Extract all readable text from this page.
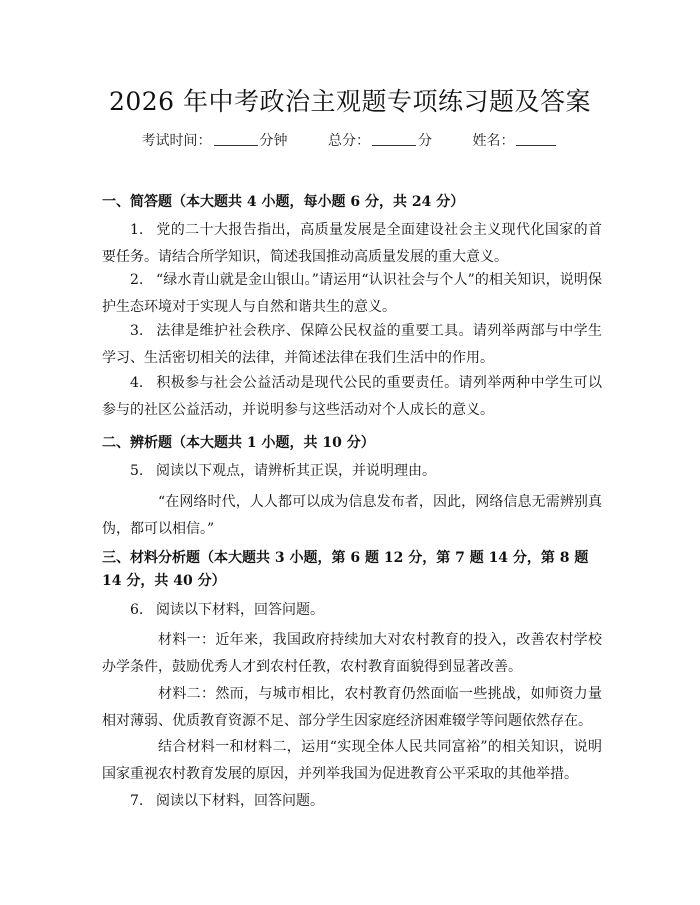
2026 年中考政治主观题专项练习题及答案
考试时间：	分钟	总分：	分	姓名：
一、简答题（本大题共 4 小题，每小题 6 分，共 24 分）

1. 党的二十大报告指出，高质量发展是全面建设社会主义现代化国家的首要任务。请结合所学知识，简述我国推动高质量发展的重大意义。

2. “绿水青山就是金山银山。”请运用“认识社会与个人”的相关知识，说明保护生态环境对于实现人与自然和谐共生的意义。

3. 法律是维护社会秩序、保障公民权益的重要工具。请列举两部与中学生学习、生活密切相关的法律，并简述法律在我们生活中的作用。

4. 积极参与社会公益活动是现代公民的重要责任。请列举两种中学生可以参与的社区公益活动，并说明参与这些活动对个人成长的意义。

二、辨析题（本大题共 1 小题，共 10 分）

5. 阅读以下观点，请辨析其正误，并说明理由。

“在网络时代，人人都可以成为信息发布者，因此，网络信息无需辨别真伪，都可以相信。”

三、材料分析题（本大题共 3 小题，第 6 题 12 分，第 7 题 14 分，第 8 题 14 分，共 40 分）

6. 阅读以下材料，回答问题。

材料一：近年来，我国政府持续加大对农村教育的投入，改善农村学校办学条件，鼓励优秀人才到农村任教，农村教育面貌得到显著改善。

材料二：然而，与城市相比，农村教育仍然面临一些挑战，如师资力量相对薄弱、优质教育资源不足、部分学生因家庭经济困难辍学等问题依然存在。

结合材料一和材料二，运用“实现全体人民共同富裕”的相关知识，说明国家重视农村教育发展的原因，并列举我国为促进教育公平采取的其他举措。

7. 阅读以下材料，回答问题。
